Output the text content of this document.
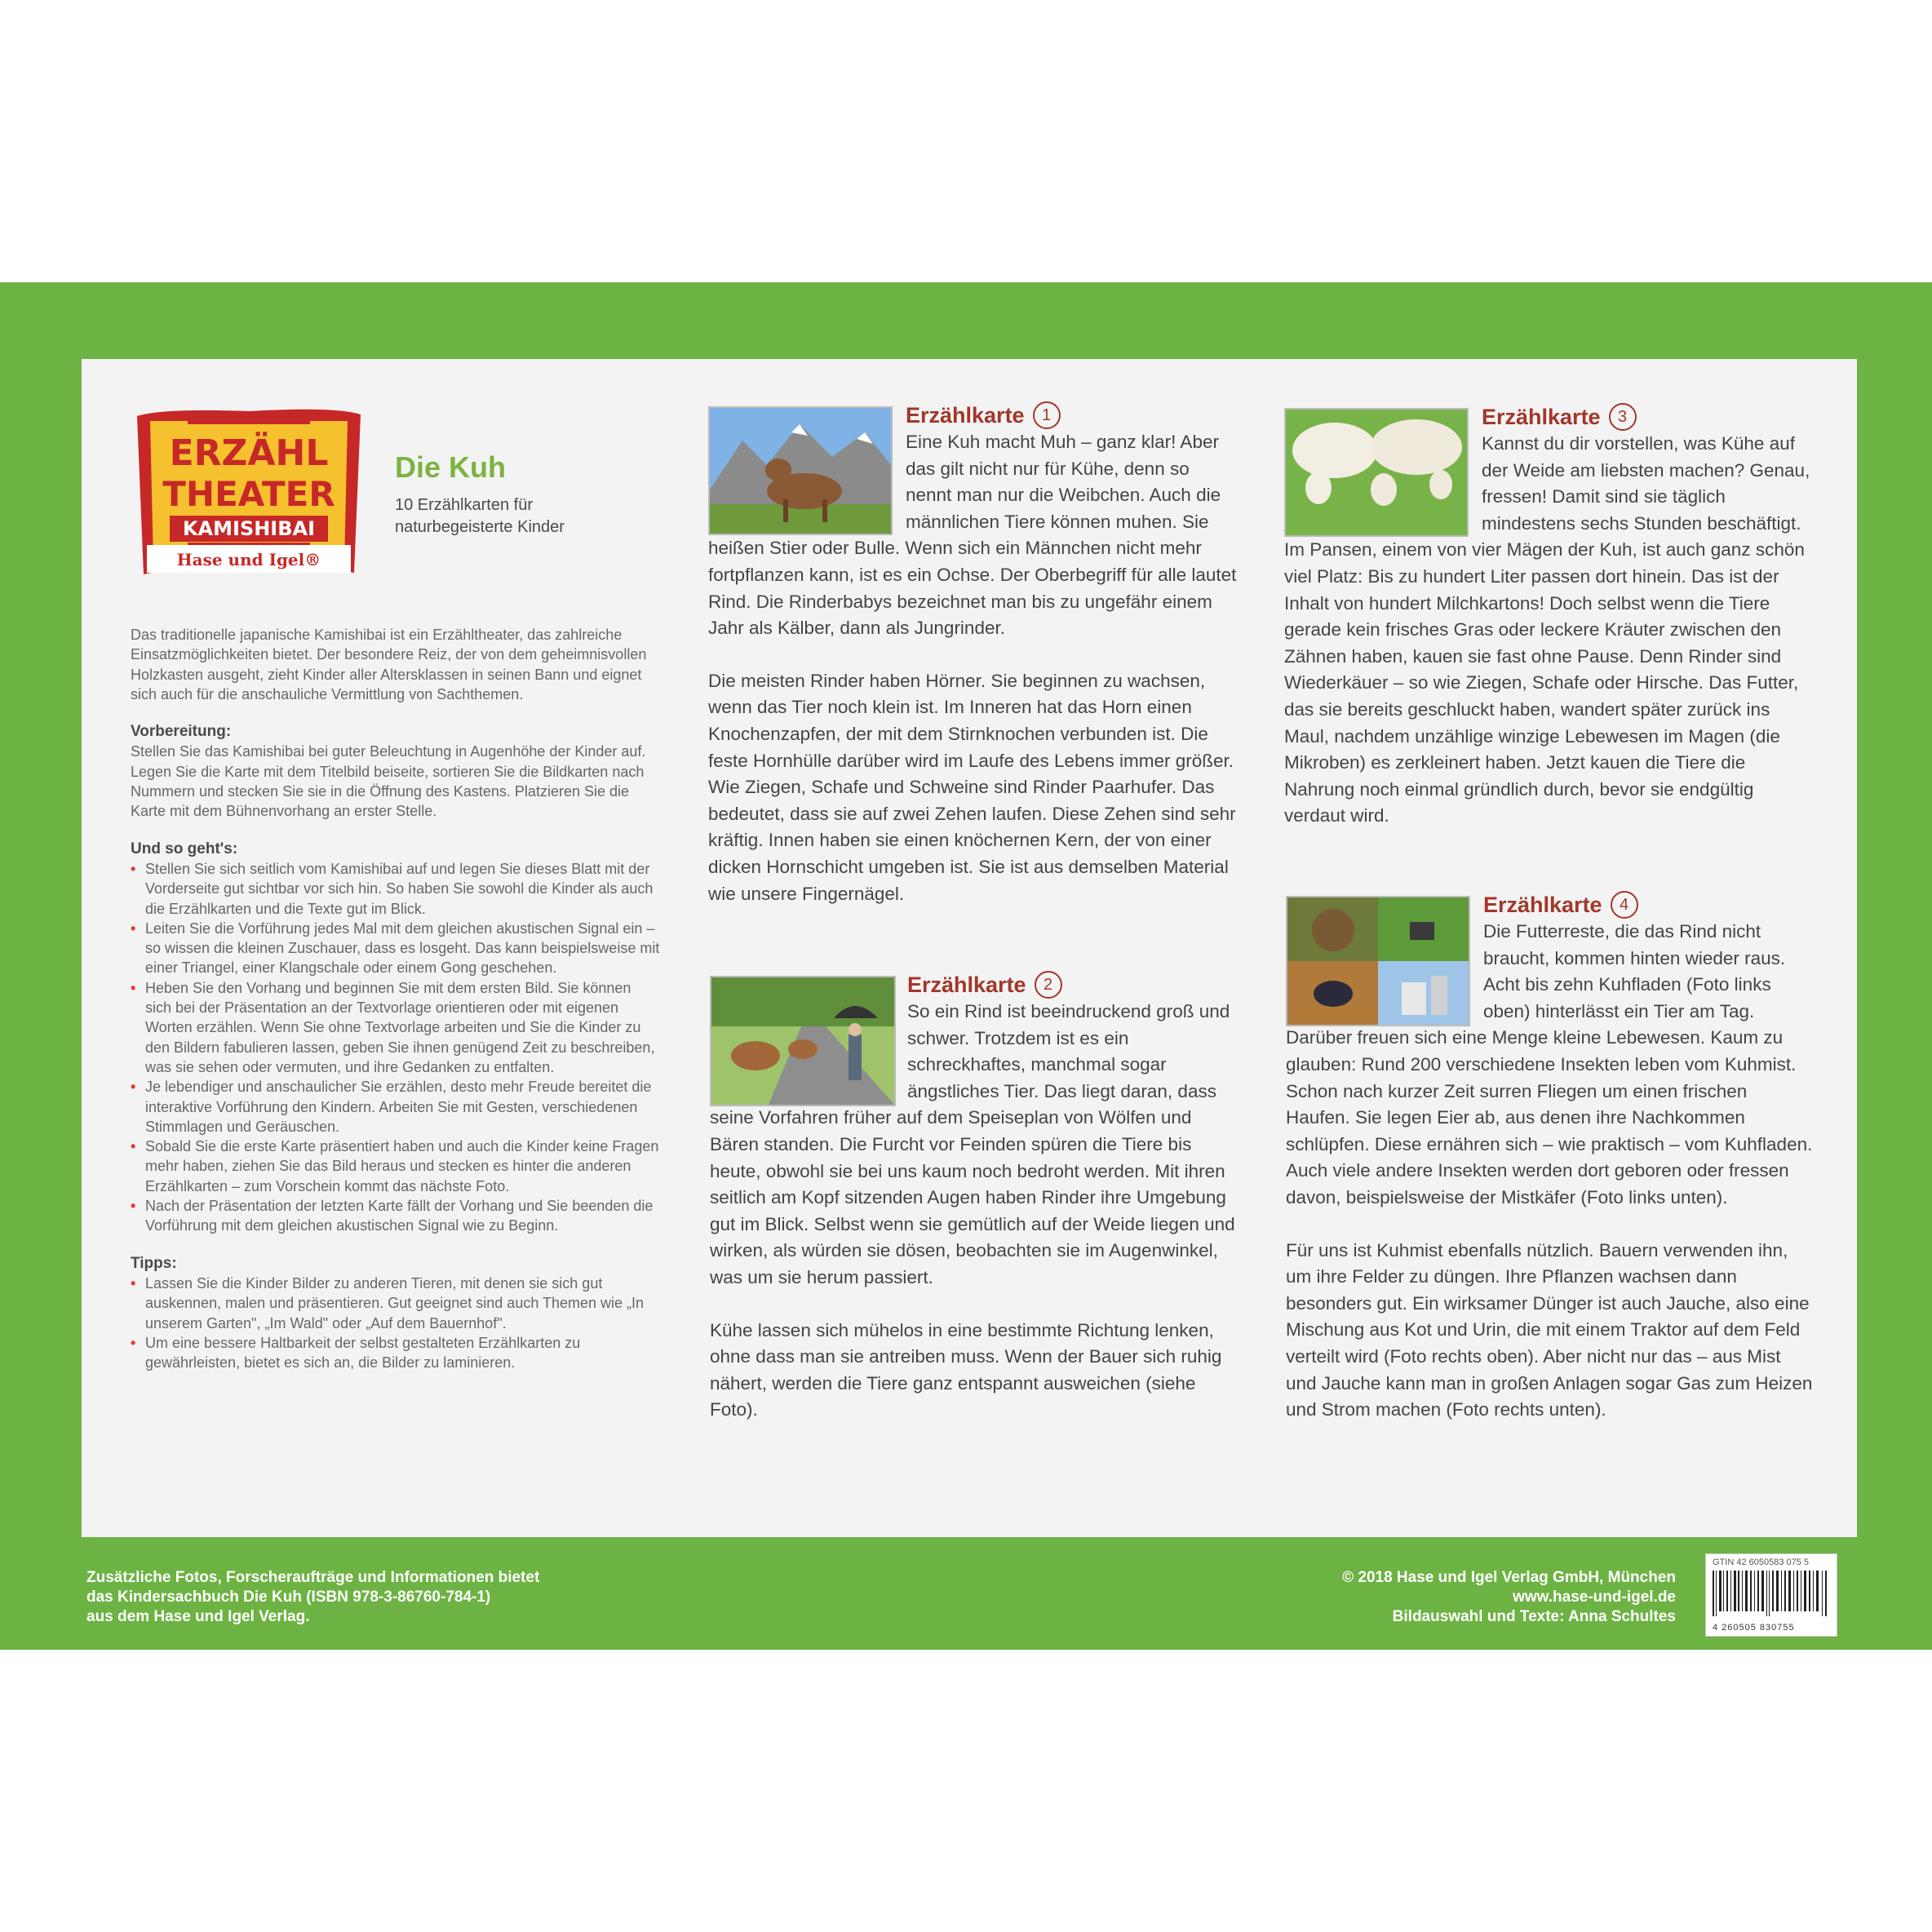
ERZÄHL
THEATER
KAMISHIBAI
Hase und Igel®
Die Kuh
10 Erzählkarten für naturbegeisterte Kinder

Das traditionelle japanische Kamishibai ist ein Erzähltheater, das zahlreiche Einsatzmöglichkeiten bietet. Der besondere Reiz, der von dem geheimnisvollen Holzkasten ausgeht, zieht Kinder aller Altersklassen in seinen Bann und eignet sich auch für die anschauliche Vermittlung von Sachthemen.

Vorbereitung:

Stellen Sie das Kamishibai bei guter Beleuchtung in Augenhöhe der Kinder auf. Legen Sie die Karte mit dem Titelbild beiseite, sortieren Sie die Bildkarten nach Nummern und stecken Sie sie in die Öffnung des Kastens. Platzieren Sie die Karte mit dem Bühnenvorhang an erster Stelle.

Und so geht's:
• Stellen Sie sich seitlich vom Kamishibai auf und legen Sie dieses Blatt mit der Vorderseite gut sichtbar vor sich hin. So haben Sie sowohl die Kinder als auch die Erzählkarten und die Texte gut im Blick.
• Leiten Sie die Vorführung jedes Mal mit dem gleichen akustischen Signal ein – so wissen die kleinen Zuschauer, dass es losgeht. Das kann beispielsweise mit einer Triangel, einer Klangschale oder einem Gong geschehen.
• Heben Sie den Vorhang und beginnen Sie mit dem ersten Bild. Sie können sich bei der Präsentation an der Textvorlage orientieren oder mit eigenen Worten erzählen. Wenn Sie ohne Textvorlage arbeiten und Sie die Kinder zu den Bildern fabulieren lassen, geben Sie ihnen genügend Zeit zu beschreiben, was sie sehen oder vermuten, und ihre Gedanken zu entfalten.
• Je lebendiger und anschaulicher Sie erzählen, desto mehr Freude bereitet die interaktive Vorführung den Kindern. Arbeiten Sie mit Gesten, verschiedenen Stimmlagen und Geräuschen.
• Sobald Sie die erste Karte präsentiert haben und auch die Kinder keine Fragen mehr haben, ziehen Sie das Bild heraus und stecken es hinter die anderen Erzählkarten – zum Vorschein kommt das nächste Foto.
• Nach der Präsentation der letzten Karte fällt der Vorhang und Sie beenden die Vorführung mit dem gleichen akustischen Signal wie zu Beginn.
Tipps:
• Lassen Sie die Kinder Bilder zu anderen Tieren, mit denen sie sich gut auskennen, malen und präsentieren. Gut geeignet sind auch Themen wie „In unserem Garten", „Im Wald" oder „Auf dem Bauernhof".
• Um eine bessere Haltbarkeit der selbst gestalteten Erzählkarten zu gewährleisten, bietet es sich an, die Bilder zu laminieren.
Erzählkarte	1

Eine Kuh macht Muh – ganz klar! Aber das gilt nicht nur für Kühe, denn so nennt man nur die Weibchen. Auch die männlichen Tiere können muhen. Sie heißen Stier oder Bulle. Wenn sich ein Männchen nicht mehr fortpflanzen kann, ist es ein Ochse. Der Oberbegriff für alle lautet Rind. Die Rinderbabys bezeichnet man bis zu ungefähr einem Jahr als Kälber, dann als Jungrinder.

Die meisten Rinder haben Hörner. Sie beginnen zu wachsen, wenn das Tier noch klein ist. Im Inneren hat das Horn einen Knochenzapfen, der mit dem Stirnknochen verbunden ist. Die feste Hornhülle darüber wird im Laufe des Lebens immer größer. Wie Ziegen, Schafe und Schweine sind Rinder Paarhufer. Das bedeutet, dass sie auf zwei Zehen laufen. Diese Zehen sind sehr kräftig. Innen haben sie einen knöchernen Kern, der von einer dicken Hornschicht umgeben ist. Sie ist aus demselben Material wie unsere Fingernägel.

Erzählkarte	2

So ein Rind ist beeindruckend groß und schwer. Trotzdem ist es ein schreckhaftes, manchmal sogar ängstliches Tier. Das liegt daran, dass seine Vorfahren früher auf dem Speiseplan von Wölfen und Bären standen. Die Furcht vor Feinden spüren die Tiere bis heute, obwohl sie bei uns kaum noch bedroht werden. Mit ihren seitlich am Kopf sitzenden Augen haben Rinder ihre Umgebung gut im Blick. Selbst wenn sie gemütlich auf der Weide liegen und wirken, als würden sie dösen, beobachten sie im Augenwinkel, was um sie herum passiert.

Kühe lassen sich mühelos in eine bestimmte Richtung lenken, ohne dass man sie antreiben muss. Wenn der Bauer sich ruhig nähert, werden die Tiere ganz entspannt ausweichen (siehe Foto).

Erzählkarte	3

Kannst du dir vorstellen, was Kühe auf der Weide am liebsten machen? Genau, fressen! Damit sind sie täglich mindestens sechs Stunden beschäftigt. Im Pansen, einem von vier Mägen der Kuh, ist auch ganz schön viel Platz: Bis zu hundert Liter passen dort hinein. Das ist der Inhalt von hundert Milchkartons! Doch selbst wenn die Tiere gerade kein frisches Gras oder leckere Kräuter zwischen den Zähnen haben, kauen sie fast ohne Pause. Denn Rinder sind Wiederkäuer – so wie Ziegen, Schafe oder Hirsche. Das Futter, das sie bereits geschluckt haben, wandert später zurück ins Maul, nachdem unzählige winzige Lebewesen im Magen (die Mikroben) es zerkleinert haben. Jetzt kauen die Tiere die Nahrung noch einmal gründlich durch, bevor sie endgültig verdaut wird.

Erzählkarte	4

Die Futterreste, die das Rind nicht braucht, kommen hinten wieder raus. Acht bis zehn Kuhfladen (Foto links oben) hinterlässt ein Tier am Tag. Darüber freuen sich eine Menge kleine Lebewesen. Kaum zu glauben: Rund 200 verschiedene Insekten leben vom Kuhmist. Schon nach kurzer Zeit surren Fliegen um einen frischen Haufen. Sie legen Eier ab, aus denen ihre Nachkommen schlüpfen. Diese ernähren sich – wie praktisch – vom Kuhfladen. Auch viele andere Insekten werden dort geboren oder fressen davon, beispielsweise der Mistkäfer (Foto links unten).

Für uns ist Kuhmist ebenfalls nützlich. Bauern verwenden ihn, um ihre Felder zu düngen. Ihre Pflanzen wachsen dann besonders gut. Ein wirksamer Dünger ist auch Jauche, also eine Mischung aus Kot und Urin, die mit einem Traktor auf dem Feld verteilt wird (Foto rechts oben). Aber nicht nur das – aus Mist und Jauche kann man in großen Anlagen sogar Gas zum Heizen und Strom machen (Foto rechts unten).

Zusätzliche Fotos, Forscheraufträge und Informationen bietet
das Kindersachbuch Die Kuh (ISBN 978-3-86760-784-1)
aus dem Hase und Igel Verlag.
© 2018 Hase und Igel Verlag GmbH, München
www.hase-und-igel.de
Bildauswahl und Texte: Anna Schultes
GTIN 42 6050583 075 5
4 260505 830755
